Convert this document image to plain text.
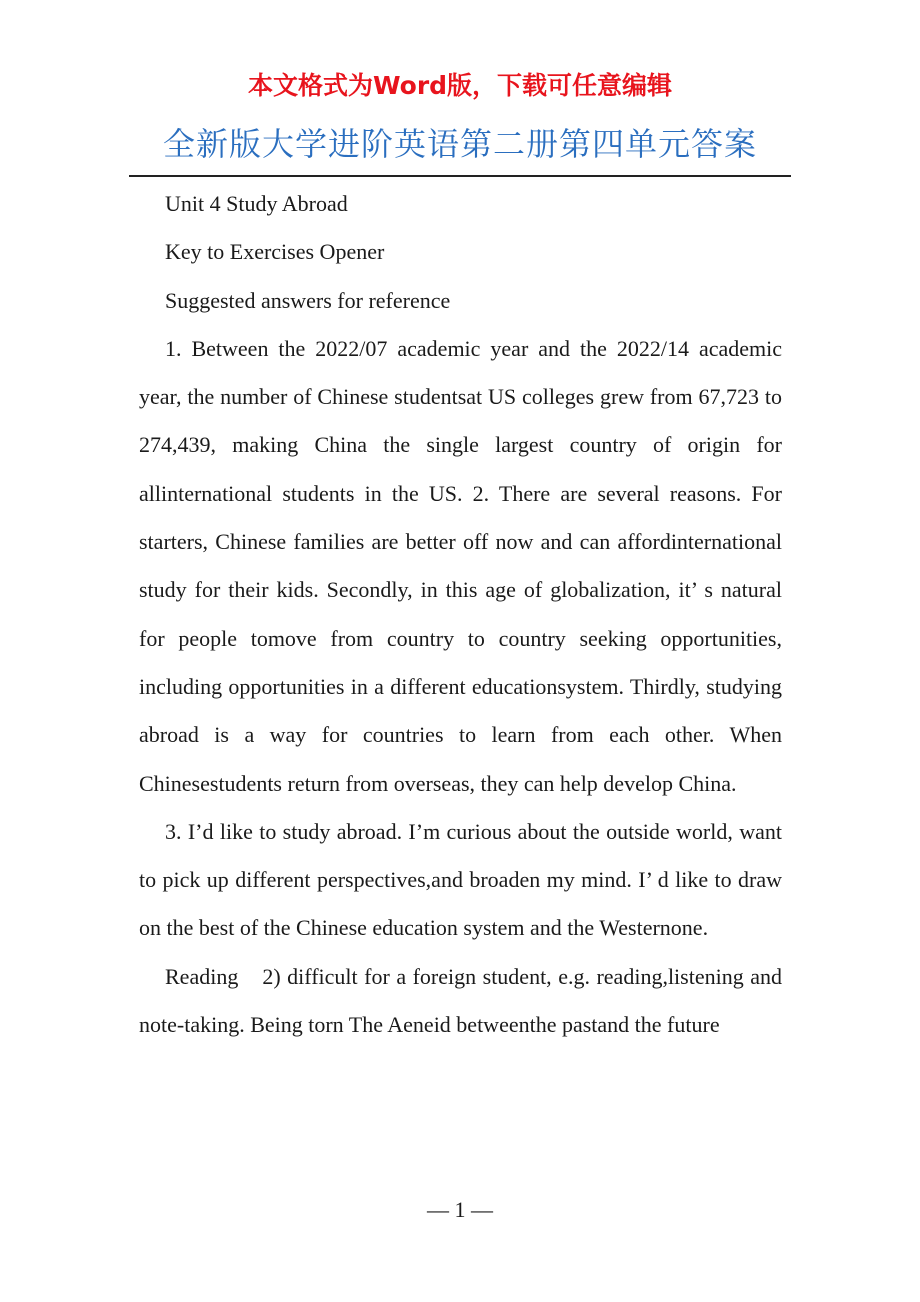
本文格式为Word版，下载可任意编辑
全新版大学进阶英语第二册第四单元答案

Unit 4 Study Abroad

Key to Exercises Opener

Suggested answers for reference

1. Between the 2022/07 academic year and the 2022/14 academic year, the number of Chinese studentsat US colleges grew from 67,723 to 274,439, making China the single largest country of origin for allinternational students in the US. 2. There are several reasons. For starters, Chinese families are better off now and can affordinternational study for their kids. Secondly, in this age of globalization, it’ s natural for people tomove from country to country seeking opportunities, including opportunities in a different educationsystem. Thirdly, studying abroad is a way for countries to learn from each other. When Chinesestudents return from overseas, they can help develop China.

3. I’d like to study abroad. I’m curious about the outside world, want to pick up different perspectives,and broaden my mind. I’ d like to draw on the best of the Chinese education system and the Westernone.

Reading　2) difficult for a foreign student, e.g. reading,listening and note-taking. Being torn The Aeneid betweenthe pastand the future

— 1 —
